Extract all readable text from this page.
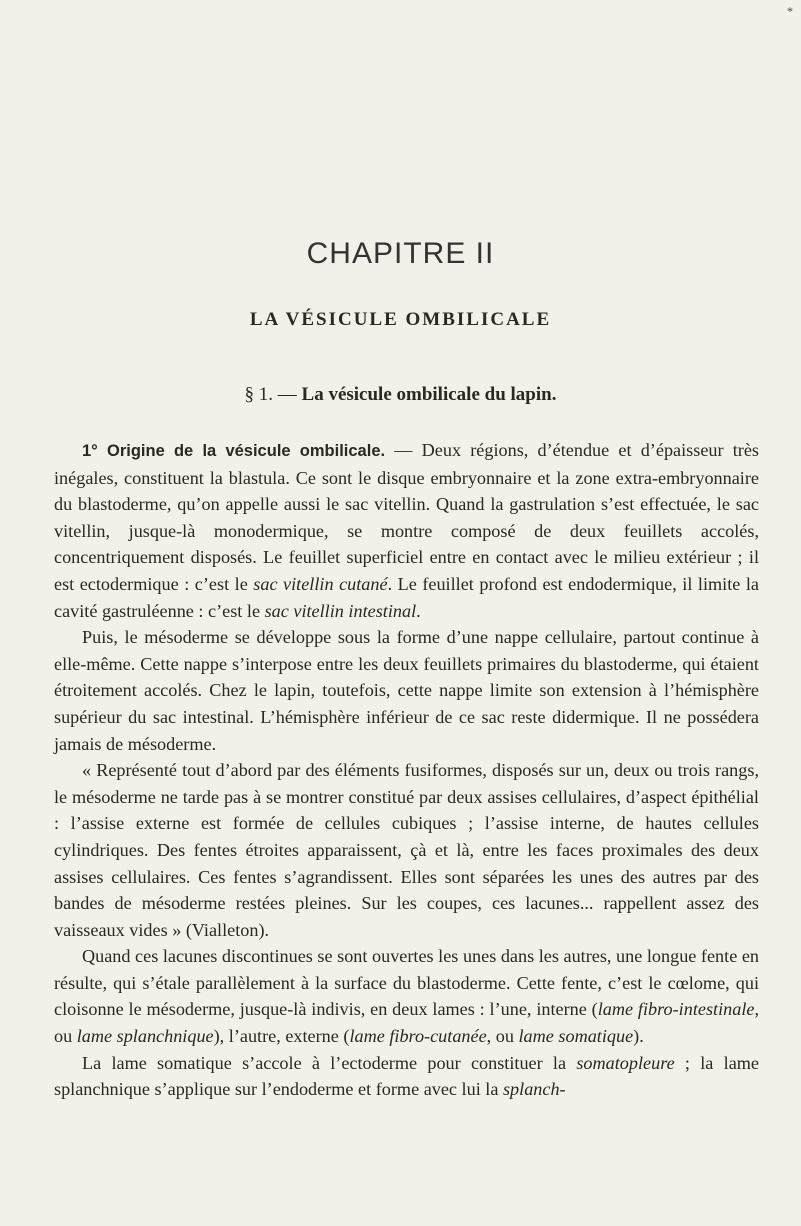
*
CHAPITRE II
LA VÉSICULE OMBILICALE
§ 1. — La vésicule ombilicale du lapin.

1° Origine de la vésicule ombilicale. — Deux régions, d’étendue et d’épaisseur très inégales, constituent la blastula. Ce sont le disque embryonnaire et la zone extra-embryonnaire du blastoderme, qu’on appelle aussi le sac vitellin. Quand la gastrulation s’est effectuée, le sac vitellin, jusque-là monodermique, se montre composé de deux feuillets accolés, concentriquement disposés. Le feuillet superficiel entre en contact avec le milieu extérieur ; il est ectodermique : c’est le sac vitellin cutané. Le feuillet profond est endodermique, il limite la cavité gastruléenne : c’est le sac vitellin intestinal.

Puis, le mésoderme se développe sous la forme d’une nappe cellulaire, partout continue à elle-même. Cette nappe s’interpose entre les deux feuillets primaires du blastoderme, qui étaient étroitement accolés. Chez le lapin, toutefois, cette nappe limite son extension à l’hémisphère supérieur du sac intestinal. L’hémisphère inférieur de ce sac reste didermique. Il ne possédera jamais de mésoderme.

« Représenté tout d’abord par des éléments fusiformes, disposés sur un, deux ou trois rangs, le mésoderme ne tarde pas à se montrer constitué par deux assises cellulaires, d’aspect épithélial : l’assise externe est formée de cellules cubiques ; l’assise interne, de hautes cellules cylindriques. Des fentes étroites apparaissent, çà et là, entre les faces proximales des deux assises cellulaires. Ces fentes s’agrandissent. Elles sont séparées les unes des autres par des bandes de mésoderme restées pleines. Sur les coupes, ces lacunes... rappellent assez des vaisseaux vides » (Vialleton).

Quand ces lacunes discontinues se sont ouvertes les unes dans les autres, une longue fente en résulte, qui s’étale parallèlement à la surface du blastoderme. Cette fente, c’est le cœlome, qui cloisonne le mésoderme, jusque-là indivis, en deux lames : l’une, interne (lame fibro-intestinale, ou lame splanchnique), l’autre, externe (lame fibro-cutanée, ou lame somatique).

La lame somatique s’accole à l’ectoderme pour constituer la somatopleure ; la lame splanchnique s’applique sur l’endoderme et forme avec lui la splanch-
